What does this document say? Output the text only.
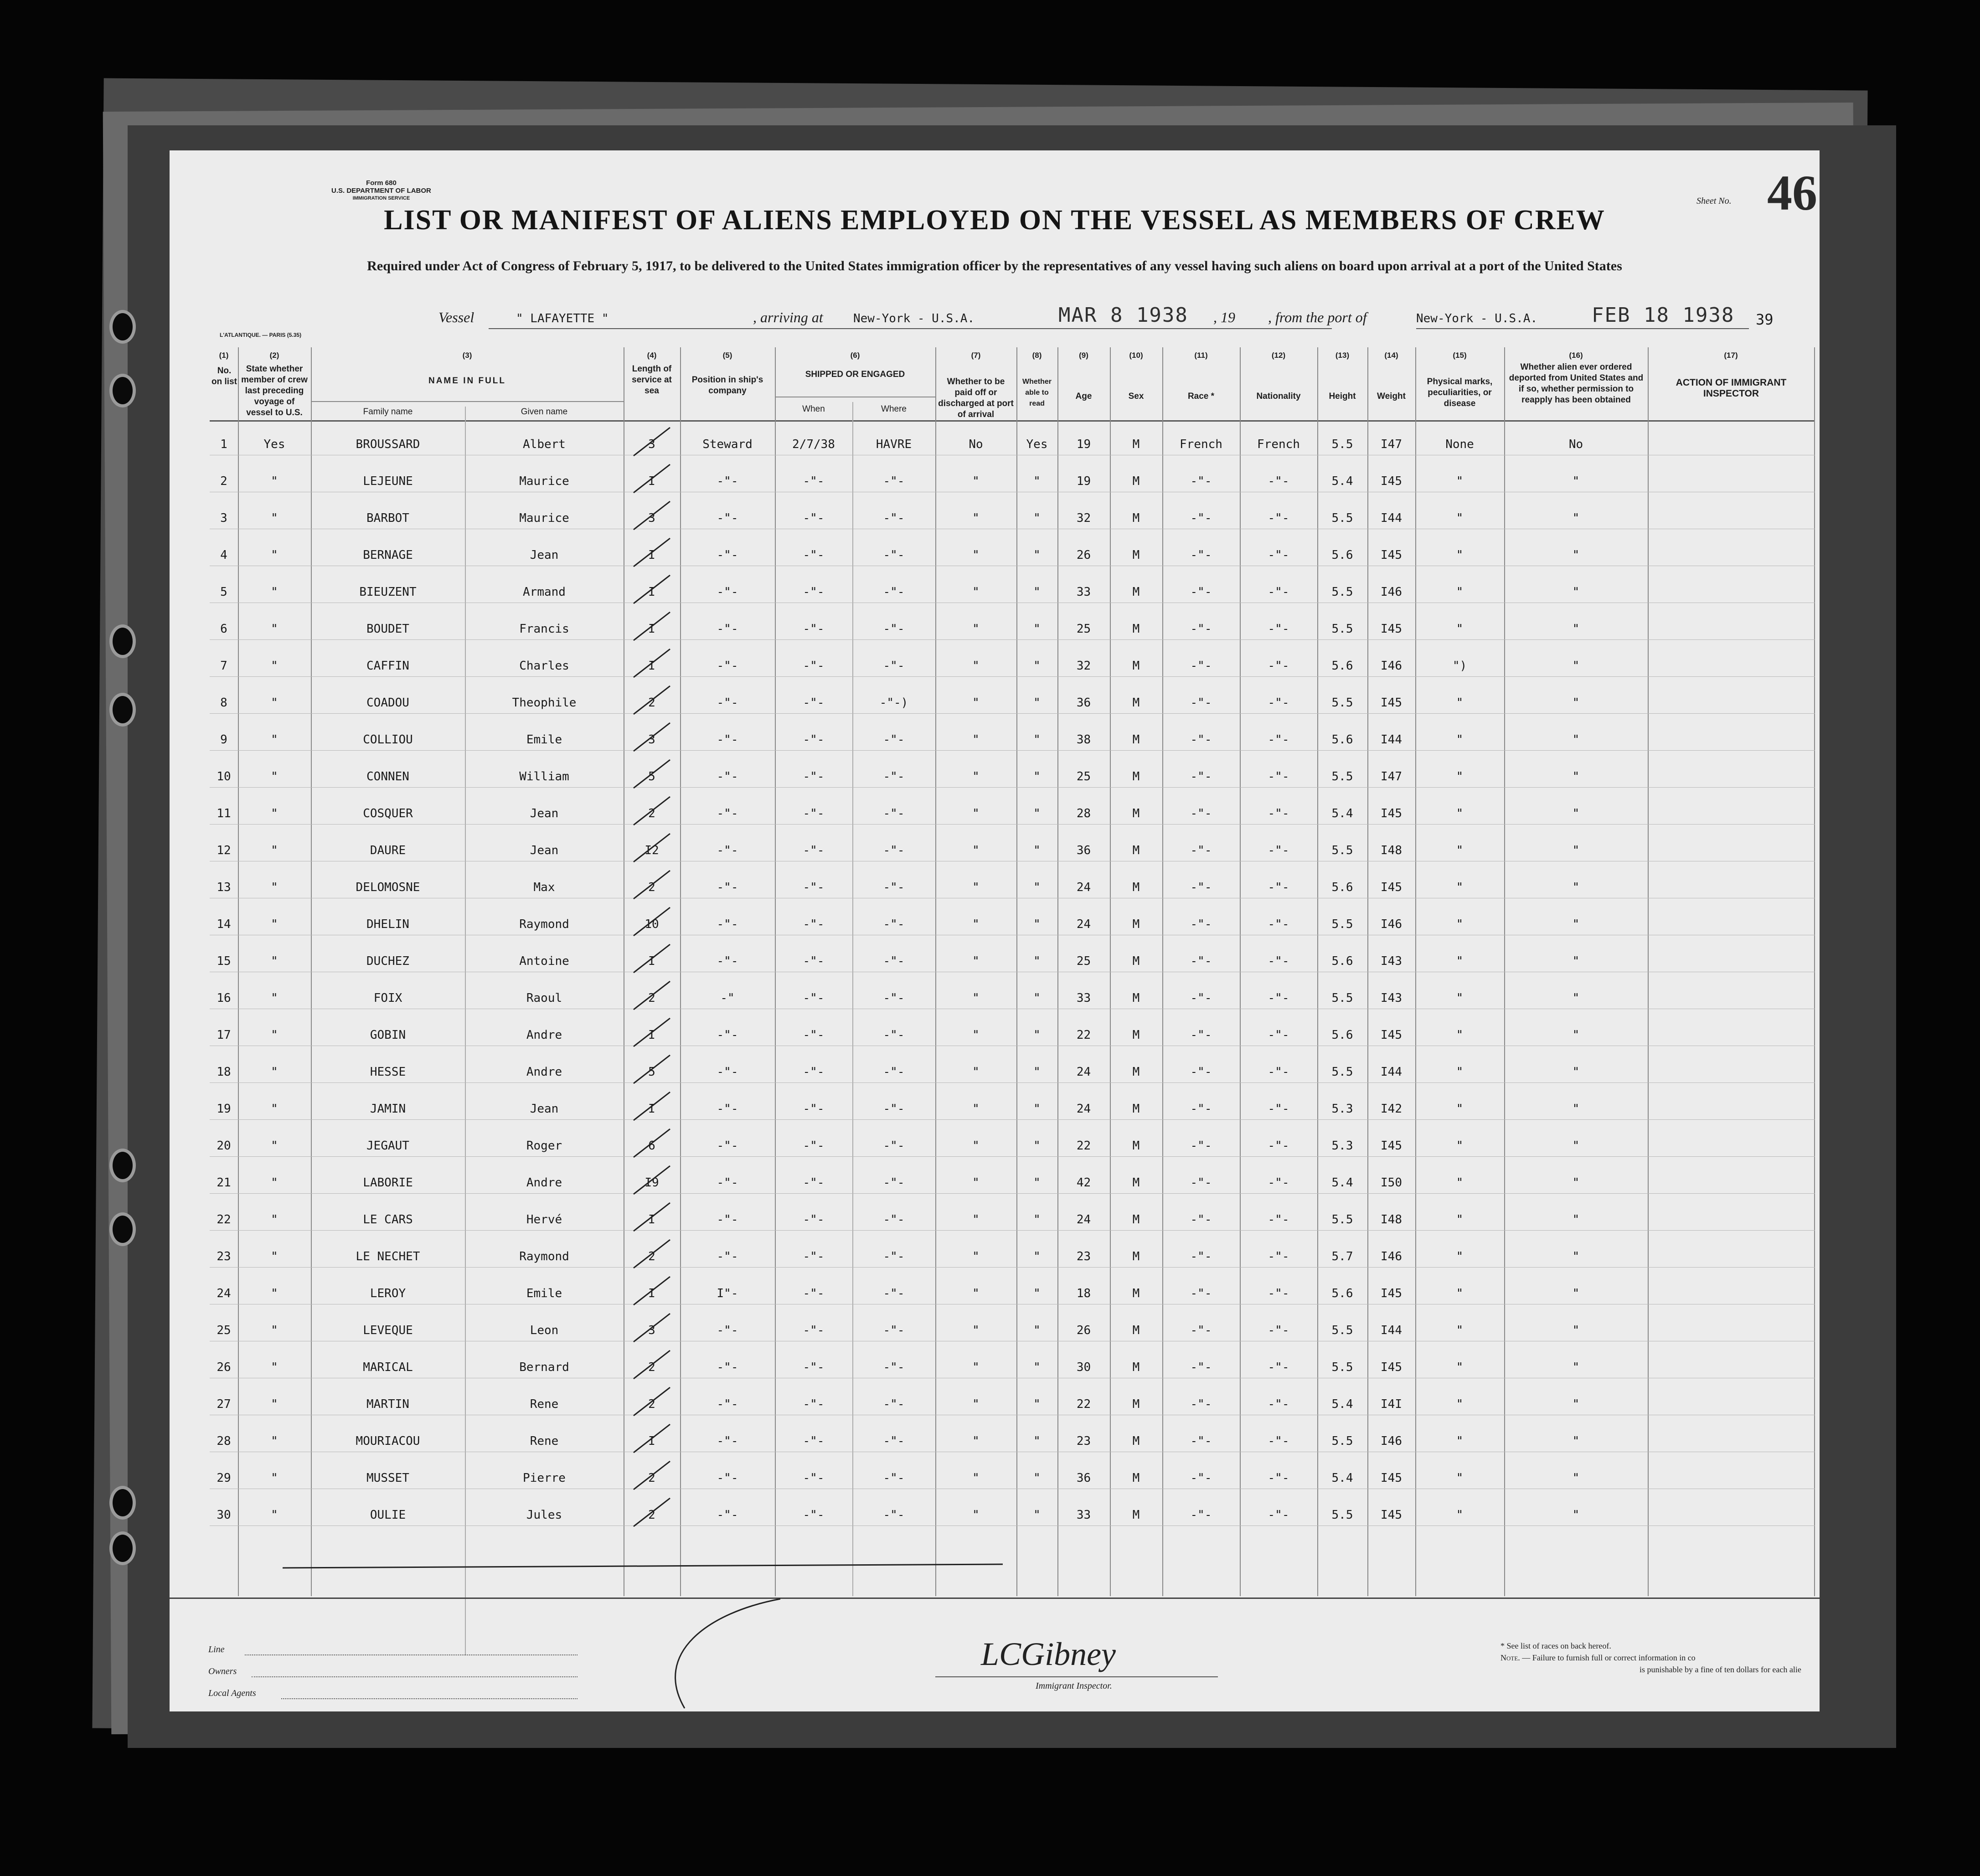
Form 680
U.S. DEPARTMENT OF LABOR
IMMIGRATION SERVICE	Sheet No. 46
LIST OR MANIFEST OF ALIENS EMPLOYED ON THE VESSEL AS MEMBERS OF CREW
Required under Act of Congress of February 5, 1917, to be delivered to the United States immigration officer by the representatives of any vessel having such aliens on board upon arrival at a port of the United States
Vessel	" LAFAYETTE "	, arriving at	New-York - U.S.A.	MAR 8 1938 , 19 , from the port of	New-York - U.S.A.	FEB 18 1938 39
L'ATLANTIQUE. — PARIS (5.35)
(1)	(2)	(3)	(4)	(5)	(6)	(7)	(8)	(9)	(10)	(11)	(12)	(13)	(14)	(15)	(16)	(17)
No. on list
State whether member of crew last preceding voyage of vessel to U.S.
NAME IN FULL
Family name	Given name
Length of service at sea
Position in ship's company
SHIPPED OR ENGAGED
When	Where
Whether to be paid off or discharged at port of arrival
Whether able to read
Age	Sex	Race *	Nationality	Height	Weight
Physical marks, peculiarities, or disease
Whether alien ever ordered deported from United States and if so, whether permission to reapply has been obtained
ACTION OF IMMIGRANT INSPECTOR
1	Yes	BROUSSARD	Albert	3	Steward	2/7/38	HAVRE	No	Yes	19	M	French	French	5.5	I47	None	No
2	"	LEJEUNE	Maurice	I	-"-	-"-	-"-	"	"	19	M	-"-	-"-	5.4	I45	"	"
3	"	BARBOT	Maurice	3	-"-	-"-	-"-	"	"	32	M	-"-	-"-	5.5	I44	"	"
4	"	BERNAGE	Jean	I	-"-	-"-	-"-	"	"	26	M	-"-	-"-	5.6	I45	"	"
5	"	BIEUZENT	Armand	I	-"-	-"-	-"-	"	"	33	M	-"-	-"-	5.5	I46	"	"
6	"	BOUDET	Francis	I	-"-	-"-	-"-	"	"	25	M	-"-	-"-	5.5	I45	"	"
7	"	CAFFIN	Charles	I	-"-	-"-	-"-	"	"	32	M	-"-	-"-	5.6	I46	")	"
8	"	COADOU	Theophile	2	-"-	-"-	-"-)	"	"	36	M	-"-	-"-	5.5	I45	"	"
9	"	COLLIOU	Emile	3	-"-	-"-	-"-	"	"	38	M	-"-	-"-	5.6	I44	"	"
10	"	CONNEN	William	5	-"-	-"-	-"-	"	"	25	M	-"-	-"-	5.5	I47	"	"
11	"	COSQUER	Jean	2	-"-	-"-	-"-	"	"	28	M	-"-	-"-	5.4	I45	"	"
12	"	DAURE	Jean	I2	-"-	-"-	-"-	"	"	36	M	-"-	-"-	5.5	I48	"	"
13	"	DELOMOSNE	Max	2	-"-	-"-	-"-	"	"	24	M	-"-	-"-	5.6	I45	"	"
14	"	DHELIN	Raymond	10	-"-	-"-	-"-	"	"	24	M	-"-	-"-	5.5	I46	"	"
15	"	DUCHEZ	Antoine	I	-"-	-"-	-"-	"	"	25	M	-"-	-"-	5.6	I43	"	"
16	"	FOIX	Raoul	2	-"	-"-	-"-	"	"	33	M	-"-	-"-	5.5	I43	"	"
17	"	GOBIN	Andre	I	-"-	-"-	-"-	"	"	22	M	-"-	-"-	5.6	I45	"	"
18	"	HESSE	Andre	5	-"-	-"-	-"-	"	"	24	M	-"-	-"-	5.5	I44	"	"
19	"	JAMIN	Jean	I	-"-	-"-	-"-	"	"	24	M	-"-	-"-	5.3	I42	"	"
20	"	JEGAUT	Roger	6	-"-	-"-	-"-	"	"	22	M	-"-	-"-	5.3	I45	"	"
21	"	LABORIE	Andre	I9	-"-	-"-	-"-	"	"	42	M	-"-	-"-	5.4	I50	"	"
22	"	LE CARS	Hervé	I	-"-	-"-	-"-	"	"	24	M	-"-	-"-	5.5	I48	"	"
23	"	LE NECHET	Raymond	2	-"-	-"-	-"-	"	"	23	M	-"-	-"-	5.7	I46	"	"
24	"	LEROY	Emile	I	I"-	-"-	-"-	"	"	18	M	-"-	-"-	5.6	I45	"	"
25	"	LEVEQUE	Leon	3	-"-	-"-	-"-	"	"	26	M	-"-	-"-	5.5	I44	"	"
26	"	MARICAL	Bernard	2	-"-	-"-	-"-	"	"	30	M	-"-	-"-	5.5	I45	"	"
27	"	MARTIN	Rene	2	-"-	-"-	-"-	"	"	22	M	-"-	-"-	5.4	I4I	"	"
28	"	MOURIACOU	Rene	I	-"-	-"-	-"-	"	"	23	M	-"-	-"-	5.5	I46	"	"
29	"	MUSSET	Pierre	2	-"-	-"-	-"-	"	"	36	M	-"-	-"-	5.4	I45	"	"
30	"	OULIE	Jules	2	-"-	-"-	-"-	"	"	33	M	-"-	-"-	5.5	I45	"	"
Line
Owners
Local Agents
LCGibney
Immigrant Inspector.
* See list of races on back hereof.
Note. — Failure to furnish full or correct information in co
is punishable by a fine of ten dollars for each alie
